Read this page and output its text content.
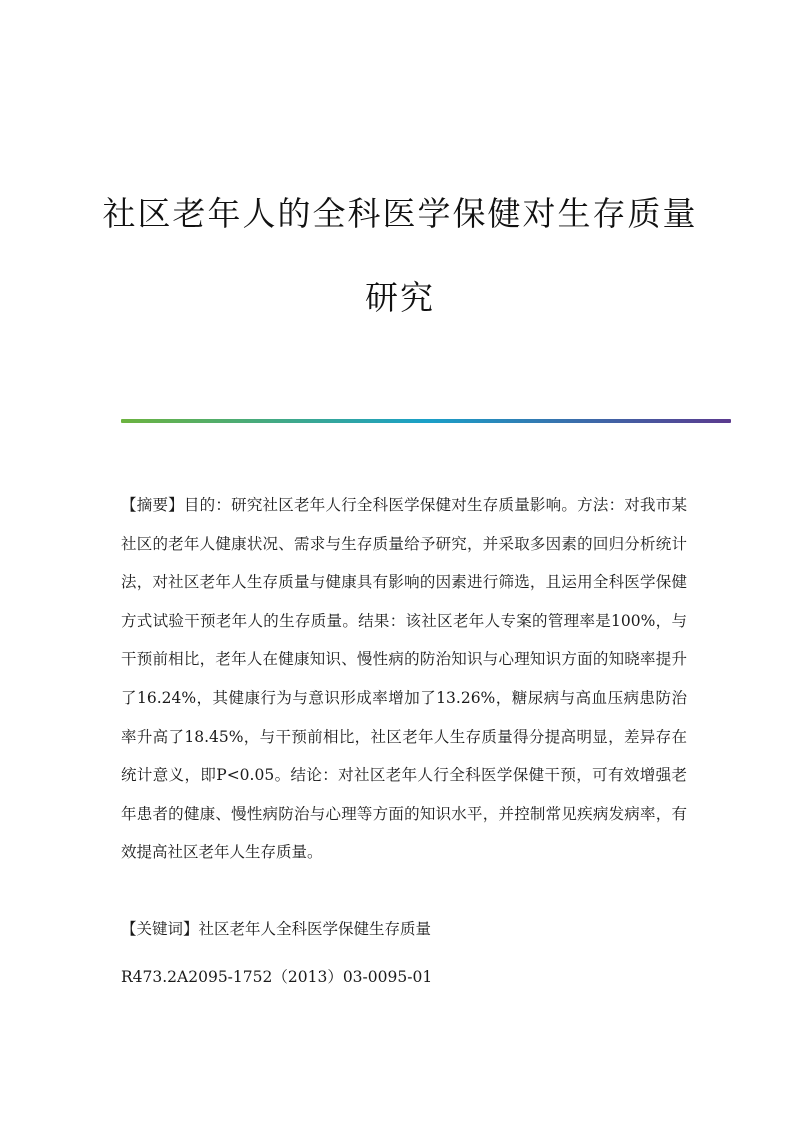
社区老年人的全科医学保健对生存质量
研究
【摘要】目的：研究社区老年人行全科医学保健对生存质量影响。方法：对我市某社区的老年人健康状况、需求与生存质量给予研究，并采取多因素的回归分析统计法，对社区老年人生存质量与健康具有影响的因素进行筛选，且运用全科医学保健方式试验干预老年人的生存质量。结果：该社区老年人专案的管理率是100%，与干预前相比，老年人在健康知识、慢性病的防治知识与心理知识方面的知晓率提升了16.24%，其健康行为与意识形成率增加了13.26%，糖尿病与高血压病患防治率升高了18.45%，与干预前相比，社区老年人生存质量得分提高明显，差异存在统计意义，即P<0.05。结论：对社区老年人行全科医学保健干预，可有效增强老年患者的健康、慢性病防治与心理等方面的知识水平，并控制常见疾病发病率，有效提高社区老年人生存质量。
【关键词】社区老年人全科医学保健生存质量
R473.2A2095-1752（2013）03-0095-01
